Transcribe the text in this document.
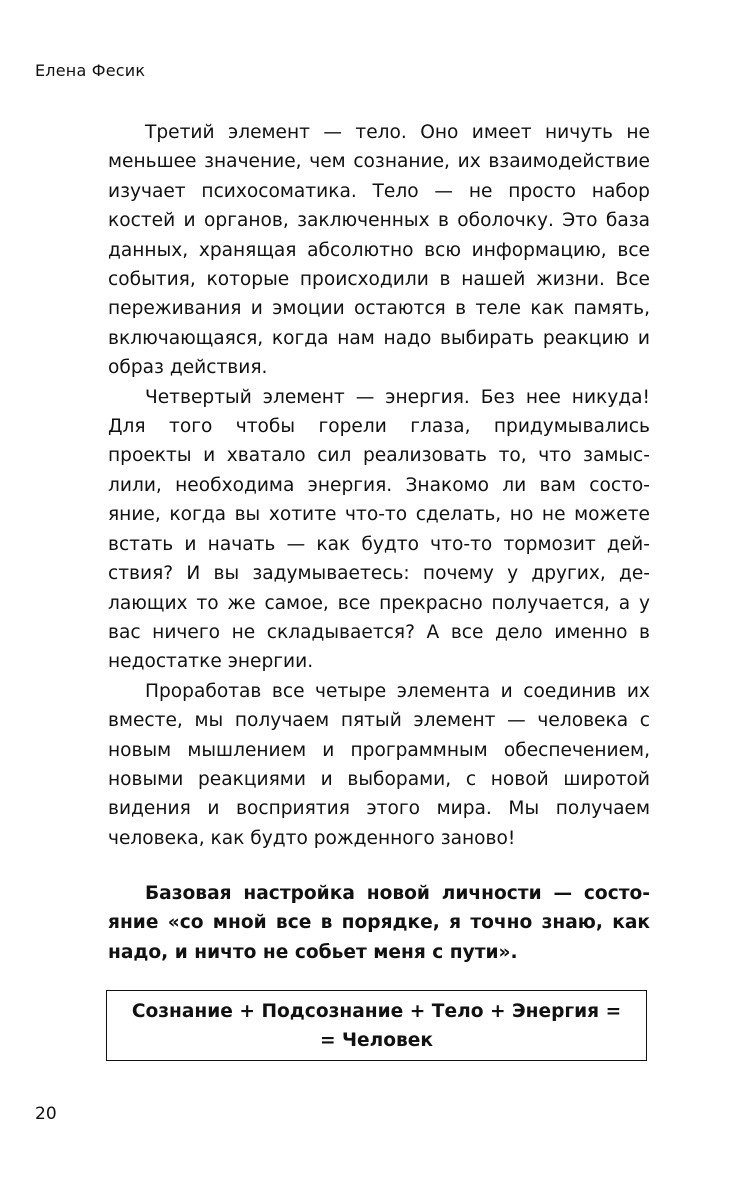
Елена Фесик

Третий элемент — тело. Оно имеет ничуть не меньшее значение, чем сознание, их взаимодействие изучает психосоматика. Тело — не просто набор костей и органов, заключенных в оболочку. Это база данных, хранящая абсолютно всю информацию, все события, которые происходили в нашей жизни. Все переживания и эмоции остаются в теле как память, включающаяся, когда нам надо выбирать реакцию и образ действия.

Четвертый элемент — энергия. Без нее никуда! Для того чтобы горели глаза, придумывались проекты и хватало сил реализовать то, что замыслили, необходима энергия. Знакомо ли вам состояние, когда вы хотите что-то сделать, но не можете встать и начать — как будто что-то тормозит действия? И вы задумываетесь: почему у других, делающих то же самое, все прекрасно получается, а у вас ничего не складывается? А все дело именно в недостатке энергии.

Проработав все четыре элемента и соединив их вместе, мы получаем пятый элемент — человека с новым мышлением и программным обеспечением, новыми реакциями и выборами, с новой широтой видения и восприятия этого мира. Мы получаем человека, как будто рожденного заново!

Базовая настройка новой личности — состояние «со мной все в порядке, я точно знаю, как надо, и ничто не собьет меня с пути».

Сознание + Подсознание + Тело + Энергия =
= Человек
20
